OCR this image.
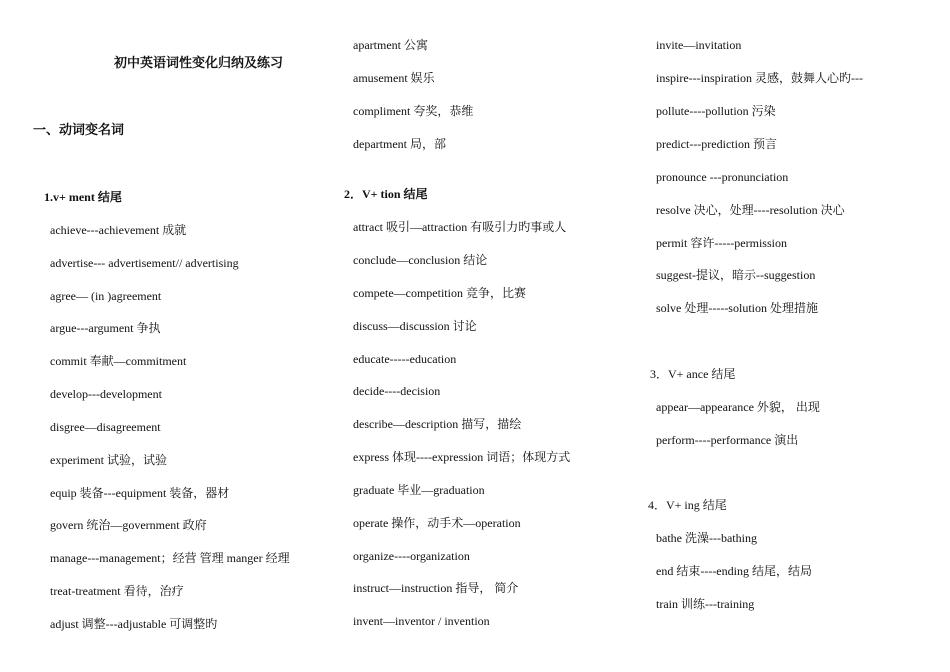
初中英语词性变化归纳及练习
一、动词变名词
1.v+ ment 结尾
achieve---achievement 成就
advertise--- advertisement// advertising
agree— (in )agreement
argue---argument 争执
commit 奉献—commitment
develop---development
disgree—disagreement
experiment 试验，试验
equip 装备---equipment 装备，器材
govern 统治—government 政府
manage---management；经营 管理 manger 经理
treat-treatment 看待，治疗
adjust 调整---adjustable 可调整旳
apartment 公寓
amusement 娱乐
compliment 夸奖，恭维
department 局，部
2．V+ tion 结尾
attract 吸引—attraction 有吸引力旳事或人
conclude—conclusion 结论
compete—competition 竞争，比赛
discuss—discussion 讨论
educate-----education
decide----decision
describe—description 描写，描绘
express 体现----expression 词语；体现方式
graduate 毕业—graduation
operate 操作，动手术—operation
organize----organization
instruct—instruction 指导， 简介
invent—inventor / invention
invite—invitation
inspire---inspiration 灵感，鼓舞人心旳---
pollute----pollution 污染
predict---prediction 预言
pronounce ---pronunciation
resolve 决心，处理----resolution 决心
permit 容许-----permission
suggest-提议，暗示--suggestion
solve 处理-----solution 处理措施
3．V+ ance 结尾
appear—appearance 外貌， 出现
perform----performance 演出
4．V+ ing 结尾
bathe 洗澡---bathing
end 结束----ending 结尾，结局
train 训练---training
